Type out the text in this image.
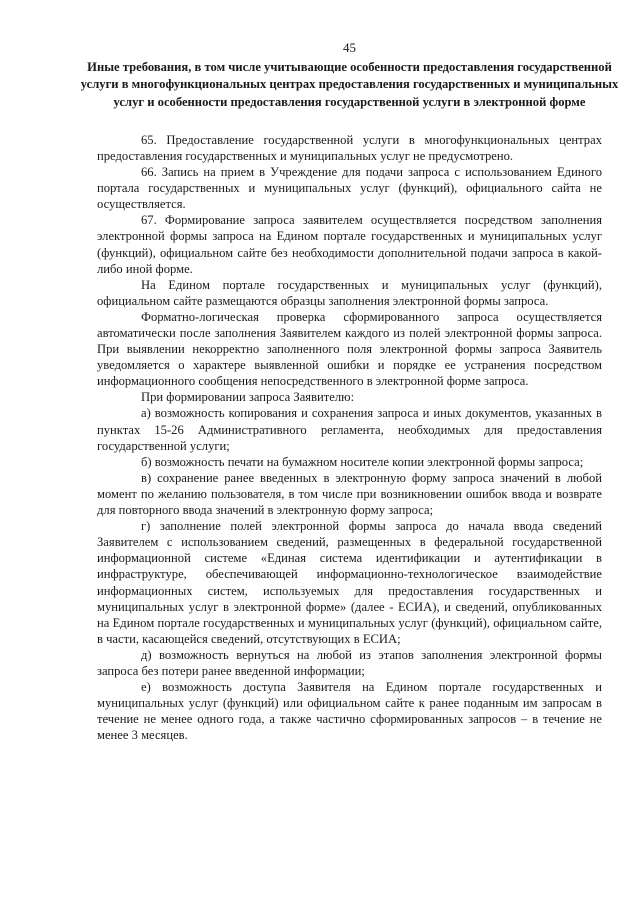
45
Иные требования, в том числе учитывающие особенности предоставления государственной услуги в многофункциональных центрах предоставления государственных и муниципальных услуг и особенности предоставления государственной услуги в электронной форме

65. Предоставление государственной услуги в многофункциональных центрах предоставления государственных и муниципальных услуг не предусмотрено.

66. Запись на прием в Учреждение для подачи запроса с использованием Единого портала государственных и муниципальных услуг (функций), официального сайта не осуществляется.

67. Формирование запроса заявителем осуществляется посредством заполнения электронной формы запроса на Едином портале государственных и муниципальных услуг (функций), официальном сайте без необходимости дополнительной подачи запроса в какой-либо иной форме.

На Едином портале государственных и муниципальных услуг (функций), официальном сайте размещаются образцы заполнения электронной формы запроса.

Форматно-логическая проверка сформированного запроса осуществляется автоматически после заполнения Заявителем каждого из полей электронной формы запроса. При выявлении некорректно заполненного поля электронной формы запроса Заявитель уведомляется о характере выявленной ошибки и порядке ее устранения посредством информационного сообщения непосредственного в электронной форме запроса.

При формировании запроса Заявителю:

а) возможность копирования и сохранения запроса и иных документов, указанных в пунктах 15-26 Административного регламента, необходимых для предоставления государственной услуги;

б) возможность печати на бумажном носителе копии электронной формы запроса;

в) сохранение ранее введенных в электронную форму запроса значений в любой момент по желанию пользователя, в том числе при возникновении ошибок ввода и возврате для повторного ввода значений в электронную форму запроса;

г) заполнение полей электронной формы запроса до начала ввода сведений Заявителем с использованием сведений, размещенных в федеральной государственной информационной системе «Единая система идентификации и аутентификации в инфраструктуре, обеспечивающей информационно-технологическое взаимодействие информационных систем, используемых для предоставления государственных и муниципальных услуг в электронной форме» (далее - ЕСИА), и сведений, опубликованных на Едином портале государственных и муниципальных услуг (функций), официальном сайте, в части, касающейся сведений, отсутствующих в ЕСИА;

д) возможность вернуться на любой из этапов заполнения электронной формы запроса без потери ранее введенной информации;

е) возможность доступа Заявителя на Едином портале государственных и муниципальных услуг (функций) или официальном сайте к ранее поданным им запросам в течение не менее одного года, а также частично сформированных запросов – в течение не менее 3 месяцев.
